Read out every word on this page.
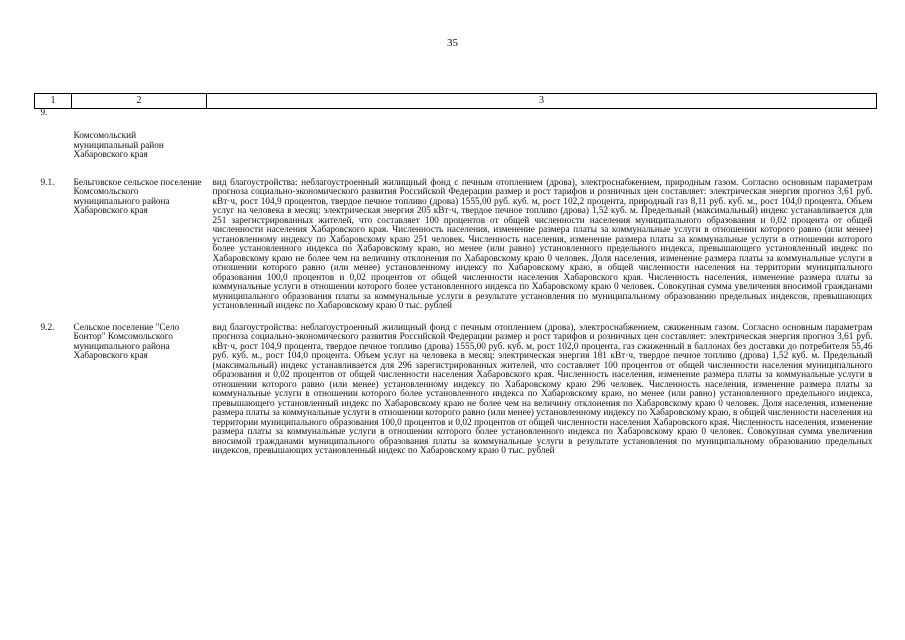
35
1	2	3
9.	Комсомольский муниципальный район Хабаровского края	
9.1.	Бельговское сельское поселение Комсомольского муниципального района Хабаровского края	вид благоустройства: неблагоустроенный жилищный фонд с печным отоплением (дрова), электроснабжением, природным газом. Согласно основным параметрам прогноза социально-экономического развития Российской Федерации размер и рост тарифов и розничных цен составляет: электрическая энергия прогноз 3,61 руб. кВт·ч, рост 104,9 процентов, твердое печное топливо (дрова) 1555,00 руб. куб. м, рост 102,2 процента, природный газ 8,11 руб. куб. м., рост 104,0 процента. Объем услуг на человека в месяц: электрическая энергия 205 кВт·ч, твердое печное топливо (дрова) 1,52 куб. м. Предельный (максимальный) индекс устанавливается для 251 зарегистрированных жителей, что составляет 100 процентов от общей численности населения муниципального образования и 0,02 процента от общей численности населения Хабаровского края. Численность населения, изменение размера платы за коммунальные услуги в отношении которого равно (или менее) установленному индексу по Хабаровскому краю 251 человек. Численность населения, изменение размера платы за коммунальные услуги в отношении которого более установленного индекса по Хабаровскому краю, но менее (или равно) установленного предельного индекса, превышающего установленный индекс по Хабаровскому краю не более чем на величину отклонения по Хабаровскому краю 0 человек. Доля населения, изменение размера платы за коммунальные услуги в отношении которого равно (или менее) установленному индексу по Хабаровскому краю, в общей численности населения на территории муниципального образования 100,0 процентов и 0,02 процентов от общей численности населения Хабаровского края. Численность населения, изменение размера платы за коммунальные услуги в отношении которого более установленного индекса по Хабаровскому краю 0 человек. Совокупная сумма увеличения вносимой гражданами муниципального образования платы за коммунальные услуги в результате установления по муниципальному образованию предельных индексов, превышающих установленный индекс по Хабаровскому краю 0 тыс. рублей
9.2.	Сельское поселение "Село Бонтор" Комсомольского муниципального района Хабаровского края	вид благоустройства: неблагоустроенный жилищный фонд с печным отоплением (дрова), электроснабжением, сжиженным газом. Согласно основным параметрам прогноза социально-экономического развития Российской Федерации размер и рост тарифов и розничных цен составляет: электрическая энергия прогноз 3,61 руб. кВт·ч, рост 104,9 процента, твердое печное топливо (дрова) 1555,00 руб. куб. м, рост 102,0 процента, газ сжиженный в баллонах без доставки до потребителя 55,46 руб. куб. м., рост 104,0 процента. Объем услуг на человека в месяц: электрическая энергия 181 кВт·ч, твердое печное топливо (дрова) 1,52 куб. м. Предельный (максимальный) индекс устанавливается для 296 зарегистрированных жителей, что составляет 100 процентов от общей численности населения муниципального образования и 0,02 процентов от общей численности населения Хабаровского края. Численность населения, изменение размера платы за коммунальные услуги в отношении которого равно (или менее) установленному индексу по Хабаровскому краю 296 человек. Численность населения, изменение размера платы за коммунальные услуги в отношении которого более установленного индекса по Хабаровскому краю, но менее (или равно) установленного предельного индекса, превышающего установленный индекс по Хабаровскому краю не более чем на величину отклонения по Хабаровскому краю 0 человек. Доля населения, изменение размера платы за коммунальные услуги в отношении которого равно (или менее) установленному индексу по Хабаровскому краю, в общей численности населения на территории муниципального образования 100,0 процентов и 0,02 процентов от общей численности населения Хабаровского края. Численность населения, изменение размера платы за коммунальные услуги в отношении которого более установленного индекса по Хабаровскому краю 0 человек. Совокупная сумма увеличения вносимой гражданами муниципального образования платы за коммунальные услуги в результате установления по муниципальному образованию предельных индексов, превышающих установленный индекс по Хабаровскому краю 0 тыс. рублей
